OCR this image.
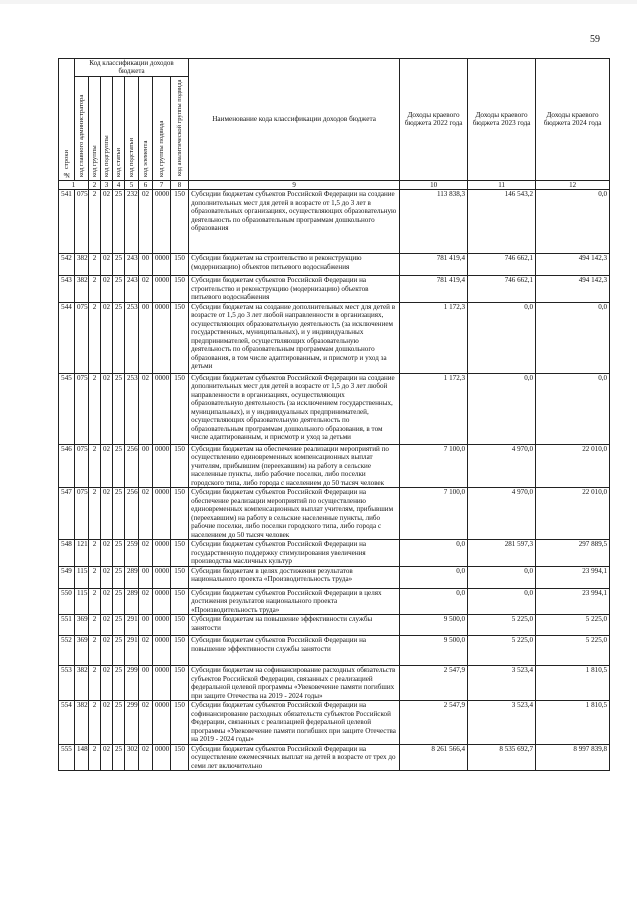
59
№ строки	Код классификации доходов бюджета								Наименование кода классификации доходов бюджета	Доходы краевого бюджета 2022 года	Доходы краевого бюджета 2023 года	Доходы краевого бюджета 2024 года
	код главного администратора	код группы	код подгруппы	код статьи	код подстатьи	код элемента	код группы подвида	код аналитической группы подвида				
1		2	3	4	5	6	7	8	9	10	11	12
541	075	2	02	25	232	02	0000	150	Субсидии бюджетам субъектов Российской Федерации на создание дополнительных мест для детей в возрасте от 1,5 до 3 лет в образовательных организациях, осуществляющих образовательную деятельность по образовательным программам дошкольного образования	113 838,3	146 543,2	0,0
542	382	2	02	25	243	00	0000	150	Субсидии бюджетам на строительство и реконструкцию (модернизацию) объектов питьевого водоснабжения	781 419,4	746 662,1	494 142,3
543	382	2	02	25	243	02	0000	150	Субсидии бюджетам субъектов Российской Федерации на строительство и реконструкцию (модернизацию) объектов питьевого водоснабжения	781 419,4	746 662,1	494 142,3
544	075	2	02	25	253	00	0000	150	Субсидии бюджетам на создание дополнительных мест для детей в возрасте от 1,5 до 3 лет любой направленности в организациях, осуществляющих образовательную деятельность (за исключением государственных, муниципальных), и у индивидуальных предпринимателей, осуществляющих образовательную деятельность по образовательным программам дошкольного образования, в том числе адаптированным, и присмотр и уход за детьми	1 172,3	0,0	0,0
545	075	2	02	25	253	02	0000	150	Субсидии бюджетам субъектов Российской Федерации на создание дополнительных мест для детей в возрасте от 1,5 до 3 лет любой направленности в организациях, осуществляющих образовательную деятельность (за исключением государственных, муниципальных), и у индивидуальных предпринимателей, осуществляющих образовательную деятельность по образовательным программам дошкольного образования, в том числе адаптированным, и присмотр и уход за детьми	1 172,3	0,0	0,0
546	075	2	02	25	256	00	0000	150	Субсидии бюджетам на обеспечение реализации мероприятий по осуществлению единовременных компенсационных выплат учителям, прибывшим (переехавшим) на работу в сельские населенные пункты, либо рабочие поселки, либо поселки городского типа, либо города с населением до 50 тысяч человек	7 100,0	4 970,0	22 010,0
547	075	2	02	25	256	02	0000	150	Субсидии бюджетам субъектов Российской Федерации на обеспечение реализации мероприятий по осуществлению единовременных компенсационных выплат учителям, прибывшим (переехавшим) на работу в сельские населенные пункты, либо рабочие поселки, либо поселки городского типа, либо города с населением до 50 тысяч человек	7 100,0	4 970,0	22 010,0
548	121	2	02	25	259	02	0000	150	Субсидии бюджетам субъектов Российской Федерации на государственную поддержку стимулирования увеличения производства масличных культур	0,0	281 597,3	297 889,5
549	115	2	02	25	289	00	0000	150	Субсидии бюджетам в целях достижения результатов национального проекта «Производительность труда»	0,0	0,0	23 994,1
550	115	2	02	25	289	02	0000	150	Субсидии бюджетам субъектов Российской Федерации в целях достижения результатов национального проекта «Производительность труда»	0,0	0,0	23 994,1
551	369	2	02	25	291	00	0000	150	Субсидии бюджетам на повышение эффективности службы занятости	9 500,0	5 225,0	5 225,0
552	369	2	02	25	291	02	0000	150	Субсидии бюджетам субъектов Российской Федерации на повышение эффективности службы занятости	9 500,0	5 225,0	5 225,0
553	382	2	02	25	299	00	0000	150	Субсидии бюджетам на софинансирование расходных обязательств субъектов Российской Федерации, связанных с реализацией федеральной целевой программы «Увековечение памяти погибших при защите Отечества на 2019 - 2024 годы»	2 547,9	3 523,4	1 810,5
554	382	2	02	25	299	02	0000	150	Субсидии бюджетам субъектов Российской Федерации на софинансирование расходных обязательств субъектов Российской Федерации, связанных с реализацией федеральной целевой программы «Увековечение памяти погибших при защите Отечества на 2019 - 2024 годы»	2 547,9	3 523,4	1 810,5
555	148	2	02	25	302	02	0000	150	Субсидии бюджетам субъектов Российской Федерации на осуществление ежемесячных выплат на детей в возрасте от трех до семи лет включительно	8 261 566,4	8 535 692,7	8 997 839,8
